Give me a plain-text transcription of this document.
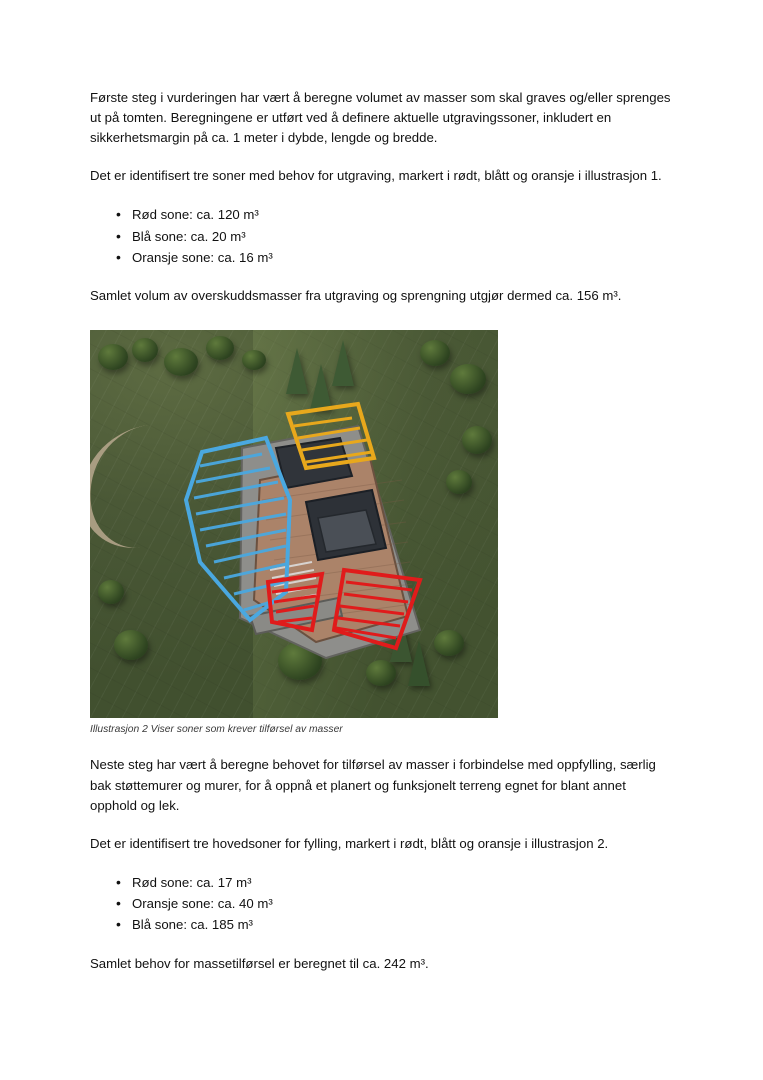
Første steg i vurderingen har vært å beregne volumet av masser som skal graves og/eller sprenges ut på tomten. Beregningene er utført ved å definere aktuelle utgravingssoner, inkludert en sikkerhetsmargin på ca. 1 meter i dybde, lengde og bredde.

Det er identifisert tre soner med behov for utgraving, markert i rødt, blått og oransje i illustrasjon 1.

• Rød sone: ca. 120 m³
• Blå sone: ca. 20 m³
• Oransje sone: ca. 16 m³

Samlet volum av overskuddsmasser fra utgraving og sprengning utgjør dermed ca. 156 m³.

Illustrasjon 2 Viser soner som krever tilførsel av masser

Neste steg har vært å beregne behovet for tilførsel av masser i forbindelse med oppfylling, særlig bak støttemurer og murer, for å oppnå et planert og funksjonelt terreng egnet for blant annet opphold og lek.

Det er identifisert tre hovedsoner for fylling, markert i rødt, blått og oransje i illustrasjon 2.

• Rød sone: ca. 17 m³
• Oransje sone: ca. 40 m³
• Blå sone: ca. 185 m³

Samlet behov for massetilførsel er beregnet til ca. 242 m³.
